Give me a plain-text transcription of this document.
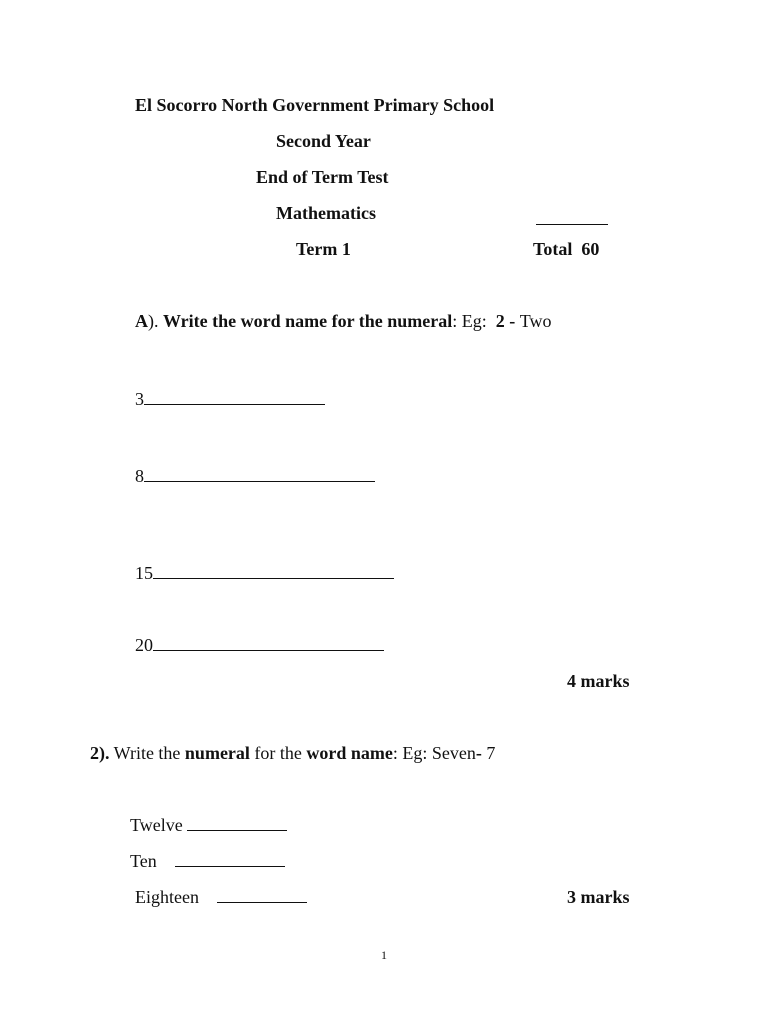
El Socorro North Government Primary School
Second Year
End of Term Test
Mathematics
Term 1	Total  60
A). Write the word name for the numeral: Eg:  2 - Two
3
8
15
20
4 marks
2). Write the numeral for the word name: Eg: Seven- 7
Twelve
Ten
Eighteen	3 marks
1
